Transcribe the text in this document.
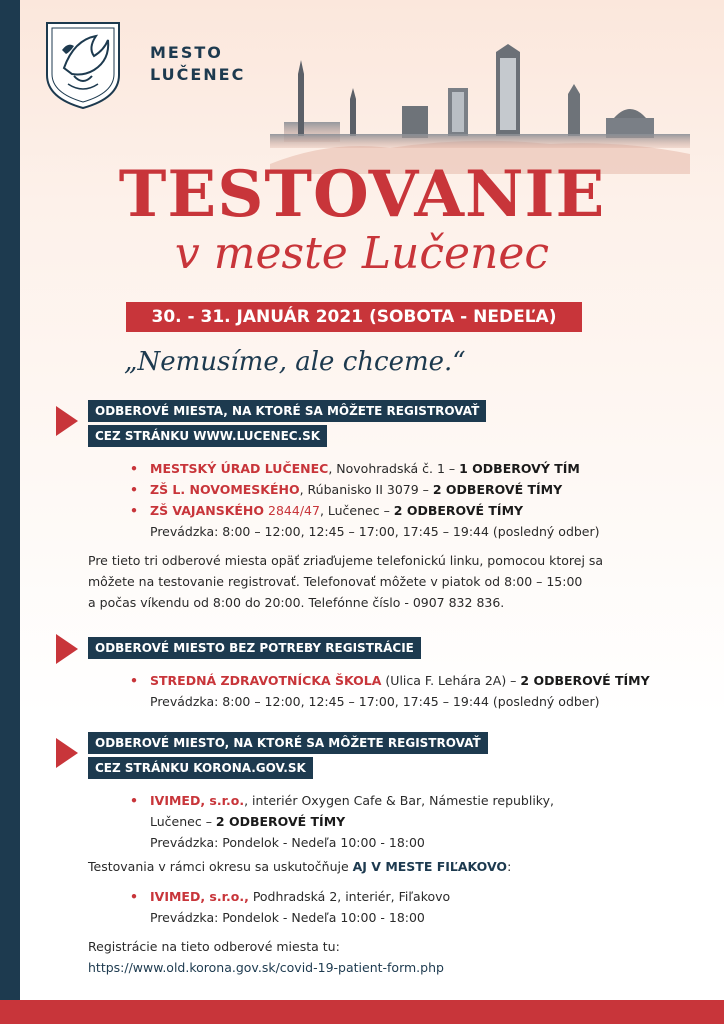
MESTO
LUČENEC
TESTOVANIE
v meste Lučenec
30. - 31. JANUÁR 2021 (SOBOTA - NEDEĽA)
„Nemusíme, ale chceme.“
ODBEROVÉ MIESTA, NA KTORÉ SA MÔŽETE REGISTROVAŤ
CEZ STRÁNKU WWW.LUCENEC.SK
• MESTSKÝ ÚRAD LUČENEC, Novohradská č. 1 – 1 ODBEROVÝ TÍM
• ZŠ L. NOVOMESKÉHO, Rúbanisko II 3079 – 2 ODBEROVÉ TÍMY
• ZŠ VAJANSKÉHO 2844/47, Lučenec – 2 ODBEROVÉ TÍMY
Prevádzka: 8:00 – 12:00, 12:45 – 17:00, 17:45 – 19:44 (posledný odber)
Pre tieto tri odberové miesta opäť zriaďujeme telefonickú linku, pomocou ktorej sa
môžete na testovanie registrovať. Telefonovať môžete v piatok od 8:00 – 15:00
a počas víkendu od 8:00 do 20:00. Telefónne číslo - 0907 832 836.
ODBEROVÉ MIESTO BEZ POTREBY REGISTRÁCIE
• STREDNÁ ZDRAVOTNÍCKA ŠKOLA (Ulica F. Lehára 2A) – 2 ODBEROVÉ TÍMY
Prevádzka: 8:00 – 12:00, 12:45 – 17:00, 17:45 – 19:44 (posledný odber)
ODBEROVÉ MIESTO, NA KTORÉ SA MÔŽETE REGISTROVAŤ
CEZ STRÁNKU KORONA.GOV.SK
• IVIMED, s.r.o., interiér Oxygen Cafe & Bar, Námestie republiky,
Lučenec – 2 ODBEROVÉ TÍMY
Prevádzka: Pondelok - Nedeľa 10:00 - 18:00
Testovania v rámci okresu sa uskutočňuje AJ V MESTE FIĽAKOVO:
• IVIMED, s.r.o., Podhradská 2, interiér, Fiľakovo
Prevádzka: Pondelok - Nedeľa 10:00 - 18:00
Registrácie na tieto odberové miesta tu:
https://www.old.korona.gov.sk/covid-19-patient-form.php
